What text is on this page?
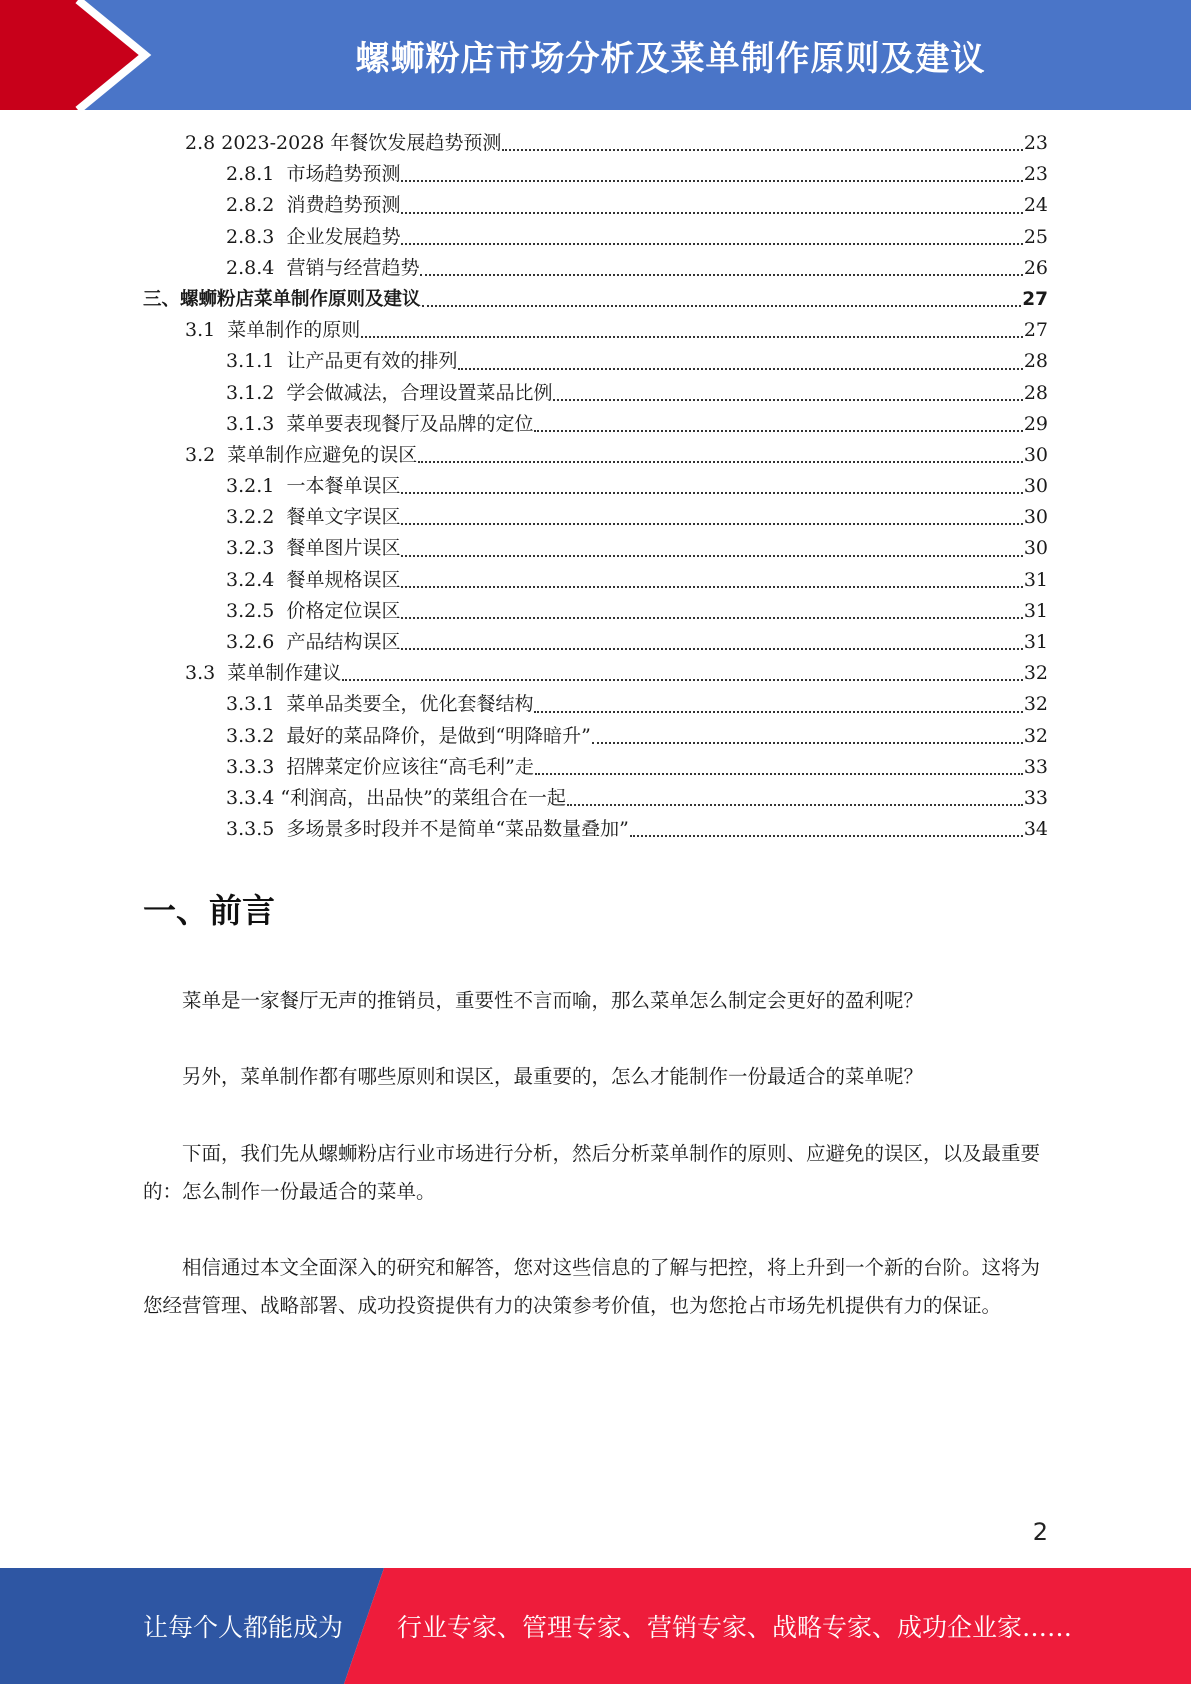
螺蛳粉店市场分析及菜单制作原则及建议
2.8 2023-2028 年餐饮发展趋势预测	23
2.8.1 市场趋势预测	23
2.8.2 消费趋势预测	24
2.8.3 企业发展趋势	25
2.8.4 营销与经营趋势	26
三、螺蛳粉店菜单制作原则及建议	27
3.1 菜单制作的原则	27
3.1.1 让产品更有效的排列	28
3.1.2 学会做减法，合理设置菜品比例	28
3.1.3 菜单要表现餐厅及品牌的定位	29
3.2 菜单制作应避免的误区	30
3.2.1 一本餐单误区	30
3.2.2 餐单文字误区	30
3.2.3 餐单图片误区	30
3.2.4 餐单规格误区	31
3.2.5 价格定位误区	31
3.2.6 产品结构误区	31
3.3 菜单制作建议	32
3.3.1 菜单品类要全，优化套餐结构	32
3.3.2 最好的菜品降价，是做到“明降暗升”	32
3.3.3 招牌菜定价应该往“高毛利”走	33
3.3.4 “利润高，出品快”的菜组合在一起	33
3.3.5 多场景多时段并不是简单“菜品数量叠加”	34
一、前言

菜单是一家餐厅无声的推销员，重要性不言而喻，那么菜单怎么制定会更好的盈利呢？

另外，菜单制作都有哪些原则和误区，最重要的，怎么才能制作一份最适合的菜单呢？

下面，我们先从螺蛳粉店行业市场进行分析，然后分析菜单制作的原则、应避免的误区，以及最重要的：怎么制作一份最适合的菜单。

相信通过本文全面深入的研究和解答，您对这些信息的了解与把控，将上升到一个新的台阶。这将为您经营管理、战略部署、成功投资提供有力的决策参考价值，也为您抢占市场先机提供有力的保证。

2
让每个人都能成为 行业专家、管理专家、营销专家、战略专家、成功企业家……
